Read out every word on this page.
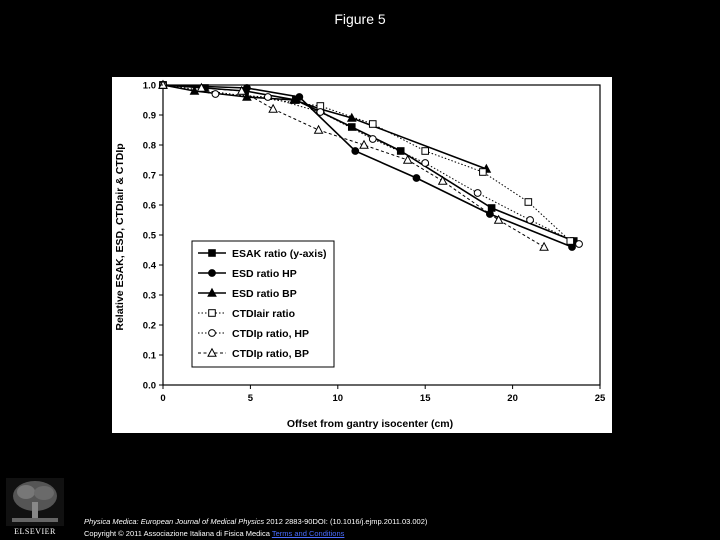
Figure 5
0.0
0.1
0.2
0.3
0.4
0.5
0.6
0.7
0.8
0.9
1.0
0	5	10	15	20	25
ESAK ratio (y-axis)
ESD ratio HP
ESD ratio BP
CTDIair ratio
CTDIp ratio, HP
CTDIp ratio, BP
Offset from gantry isocenter (cm)
Relative ESAK, ESD, CTDIair & CTDIp
ELSEVIER
Physica Medica: European Journal of Medical Physics 2012 2883-90DOI: (10.1016/j.ejmp.2011.03.002)
Copyright © 2011 Associazione Italiana di Fisica Medica Terms and Conditions
